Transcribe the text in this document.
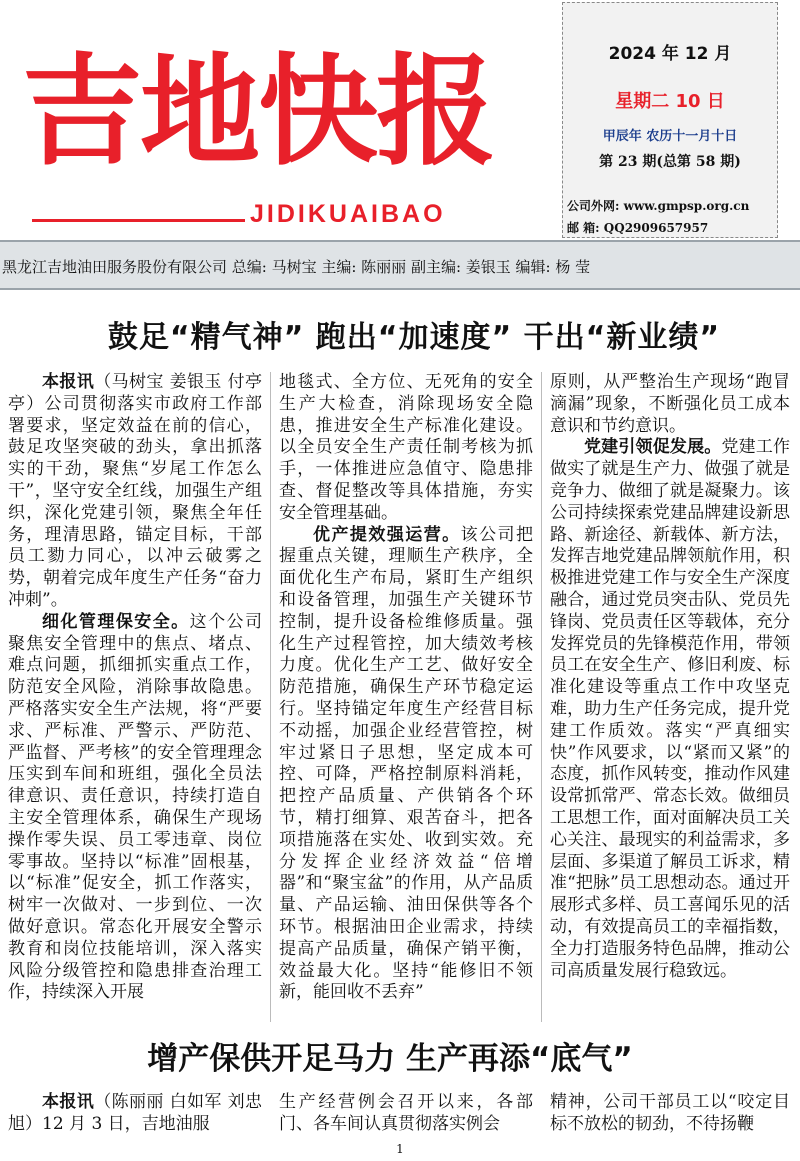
吉地快报
JIDIKUAIBAO
2024 年 12 月
星期二 10 日
甲辰年 农历十一月十日
第 23 期(总第 58 期)
公司外网: www.gmpsp.org.cn
邮 箱: QQ2909657957
黑龙江吉地油田服务股份有限公司 总编: 马树宝 主编: 陈丽丽 副主编: 姜银玉 编辑: 杨 莹
鼓足“精气神” 跑出“加速度” 干出“新业绩”

本报讯（马树宝 姜银玉 付亭亭）公司贯彻落实市政府工作部署要求，坚定效益在前的信心，鼓足攻坚突破的劲头，拿出抓落实的干劲，聚焦“岁尾工作怎么干”，坚守安全红线，加强生产组织，深化党建引领，聚焦全年任务，理清思路，锚定目标，干部员工勠力同心，以冲云破雾之势，朝着完成年度生产任务“奋力冲刺”。

细化管理保安全。这个公司聚焦安全管理中的焦点、堵点、难点问题，抓细抓实重点工作，防范安全风险，消除事故隐患。严格落实安全生产法规，将“严要求、严标准、严警示、严防范、严监督、严考核”的安全管理理念压实到车间和班组，强化全员法律意识、责任意识，持续打造自主安全管理体系，确保生产现场操作零失误、员工零违章、岗位零事故。坚持以“标准”固根基，以“标准”促安全，抓工作落实，树牢一次做对、一步到位、一次做好意识。常态化开展安全警示教育和岗位技能培训，深入落实风险分级管控和隐患排查治理工作，持续深入开展

地毯式、全方位、无死角的安全生产大检查，消除现场安全隐患，推进安全生产标准化建设。以全员安全生产责任制考核为抓手，一体推进应急值守、隐患排查、督促整改等具体措施，夯实安全管理基础。

优产提效强运营。该公司把握重点关键，理顺生产秩序，全面优化生产布局，紧盯生产组织和设备管理，加强生产关键环节控制，提升设备检维修质量。强化生产过程管控，加大绩效考核力度。优化生产工艺、做好安全防范措施，确保生产环节稳定运行。坚持锚定年度生产经营目标不动摇，加强企业经营管控，树牢过紧日子思想，坚定成本可控、可降，严格控制原料消耗，把控产品质量、产供销各个环节，精打细算、艰苦奋斗，把各项措施落在实处、收到实效。充分发挥企业经济效益“倍增器”和“聚宝盆”的作用，从产品质量、产品运输、油田保供等各个环节。根据油田企业需求，持续提高产品质量，确保产销平衡，效益最大化。坚持“能修旧不领新，能回收不丢弃”

原则，从严整治生产现场“跑冒滴漏”现象，不断强化员工成本意识和节约意识。

党建引领促发展。党建工作做实了就是生产力、做强了就是竞争力、做细了就是凝聚力。该公司持续探索党建品牌建设新思路、新途径、新载体、新方法，发挥吉地党建品牌领航作用，积极推进党建工作与安全生产深度融合，通过党员突击队、党员先锋岗、党员责任区等载体，充分发挥党员的先锋模范作用，带领员工在安全生产、修旧利废、标准化建设等重点工作中攻坚克难，助力生产任务完成，提升党建工作质效。落实“严真细实快”作风要求，以“紧而又紧”的态度，抓作风转变，推动作风建设常抓常严、常态长效。做细员工思想工作，面对面解决员工关心关注、最现实的利益需求，多层面、多渠道了解员工诉求，精准“把脉”员工思想动态。通过开展形式多样、员工喜闻乐见的活动，有效提高员工的幸福指数，全力打造服务特色品牌，推动公司高质量发展行稳致远。

增产保供开足马力 生产再添“底气”

本报讯（陈丽丽 白如军 刘忠旭）12 月 3 日，吉地油服

生产经营例会召开以来，各部门、各车间认真贯彻落实例会

精神，公司干部员工以“咬定目标不放松的韧劲，不待扬鞭

1
